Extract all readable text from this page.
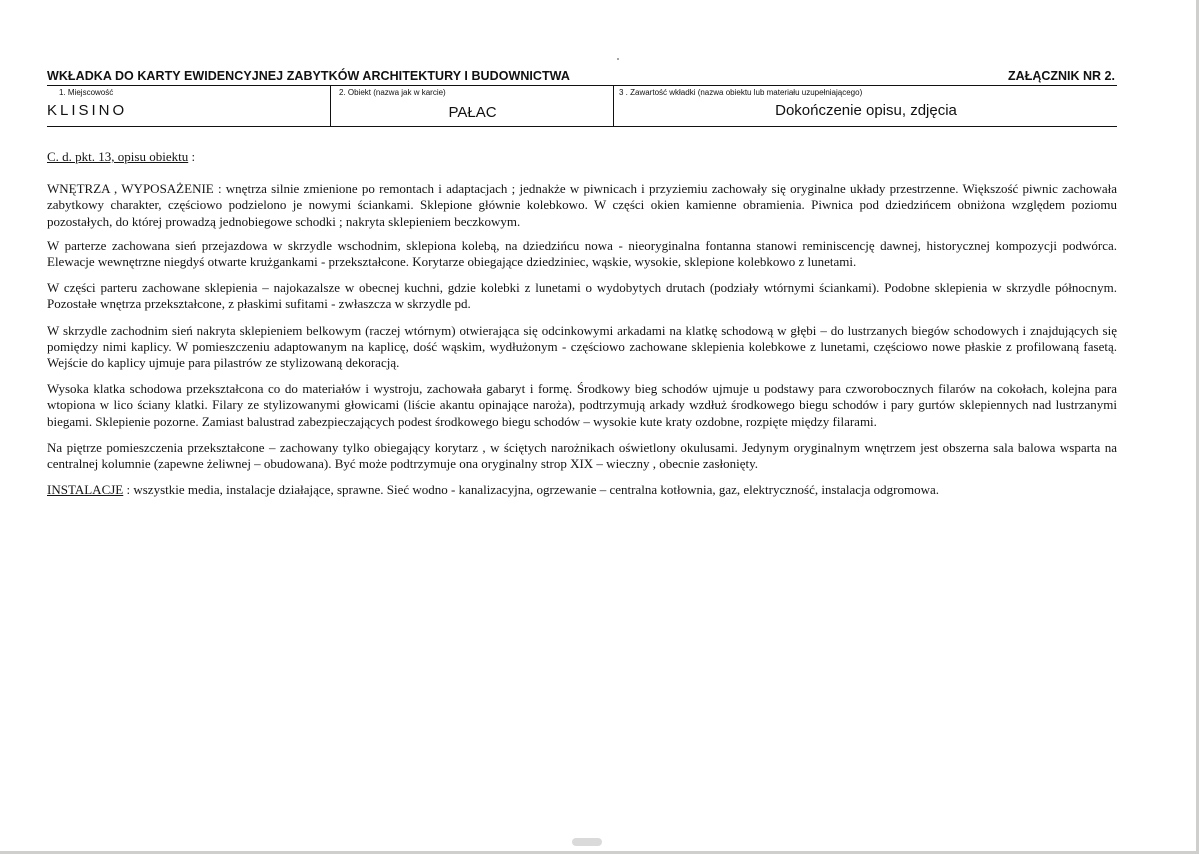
WKŁADKA DO KARTY EWIDENCYJNEJ ZABYTKÓW ARCHITEKTURY I BUDOWNICTWA	ZAŁĄCZNIK NR 2.
1. Miejscowość
KLISINO
2. Obiekt (nazwa jak w karcie)
PAŁAC
3 . Zawartość wkładki (nazwa obiektu lub materiału uzupełniającego)
Dokończenie opisu, zdjęcia

C. d. pkt. 13, opisu obiektu :

WNĘTRZA , WYPOSAŻENIE : wnętrza silnie zmienione po remontach i adaptacjach ; jednakże w piwnicach i przyziemiu zachowały się oryginalne układy przestrzenne. Większość piwnic zachowała zabytkowy charakter, częściowo podzielono je nowymi ściankami. Sklepione głównie kolebkowo. W części okien kamienne obramienia. Piwnica pod dziedzińcem obniżona względem poziomu pozostałych, do której prowadzą jednobiegowe schodki ; nakryta sklepieniem beczkowym.

W parterze zachowana sień przejazdowa w skrzydle wschodnim, sklepiona kolebą, na dziedzińcu nowa - nieoryginalna fontanna stanowi reminiscencję dawnej, historycznej kompozycji podwórca. Elewacje wewnętrzne niegdyś otwarte krużgankami - przekształcone. Korytarze obiegające dziedziniec, wąskie, wysokie, sklepione kolebkowo z lunetami.

W części parteru zachowane sklepienia – najokazalsze w obecnej kuchni, gdzie kolebki z lunetami o wydobytych drutach (podziały wtórnymi ściankami). Podobne sklepienia w skrzydle północnym. Pozostałe wnętrza przekształcone, z płaskimi sufitami - zwłaszcza w skrzydle pd.

W skrzydle zachodnim sień nakryta sklepieniem belkowym (raczej wtórnym) otwierająca się odcinkowymi arkadami na klatkę schodową w głębi – do lustrzanych biegów schodowych i znajdujących się pomiędzy nimi kaplicy. W pomieszczeniu adaptowanym na kaplicę, dość wąskim, wydłużonym - częściowo zachowane sklepienia kolebkowe z lunetami, częściowo nowe płaskie z profilowaną fasetą. Wejście do kaplicy ujmuje para pilastrów ze stylizowaną dekoracją.

Wysoka klatka schodowa przekształcona co do materiałów i wystroju, zachowała gabaryt i formę. Środkowy bieg schodów ujmuje u podstawy para czworobocznych filarów na cokołach, kolejna para wtopiona w lico ściany klatki. Filary ze stylizowanymi głowicami (liście akantu opinające naroża), podtrzymują arkady wzdłuż środkowego biegu schodów i pary gurtów sklepiennych nad lustrzanymi biegami. Sklepienie pozorne. Zamiast balustrad zabezpieczających podest środkowego biegu schodów – wysokie kute kraty ozdobne, rozpięte między filarami.

Na piętrze pomieszczenia przekształcone – zachowany tylko obiegający korytarz , w ściętych narożnikach oświetlony okulusami. Jedynym oryginalnym wnętrzem jest obszerna sala balowa wsparta na centralnej kolumnie (zapewne żeliwnej – obudowana). Być może podtrzymuje ona oryginalny strop XIX – wieczny , obecnie zasłonięty.

INSTALACJE : wszystkie media, instalacje działające, sprawne. Sieć wodno - kanalizacyjna, ogrzewanie – centralna kotłownia, gaz, elektryczność, instalacja odgromowa.
